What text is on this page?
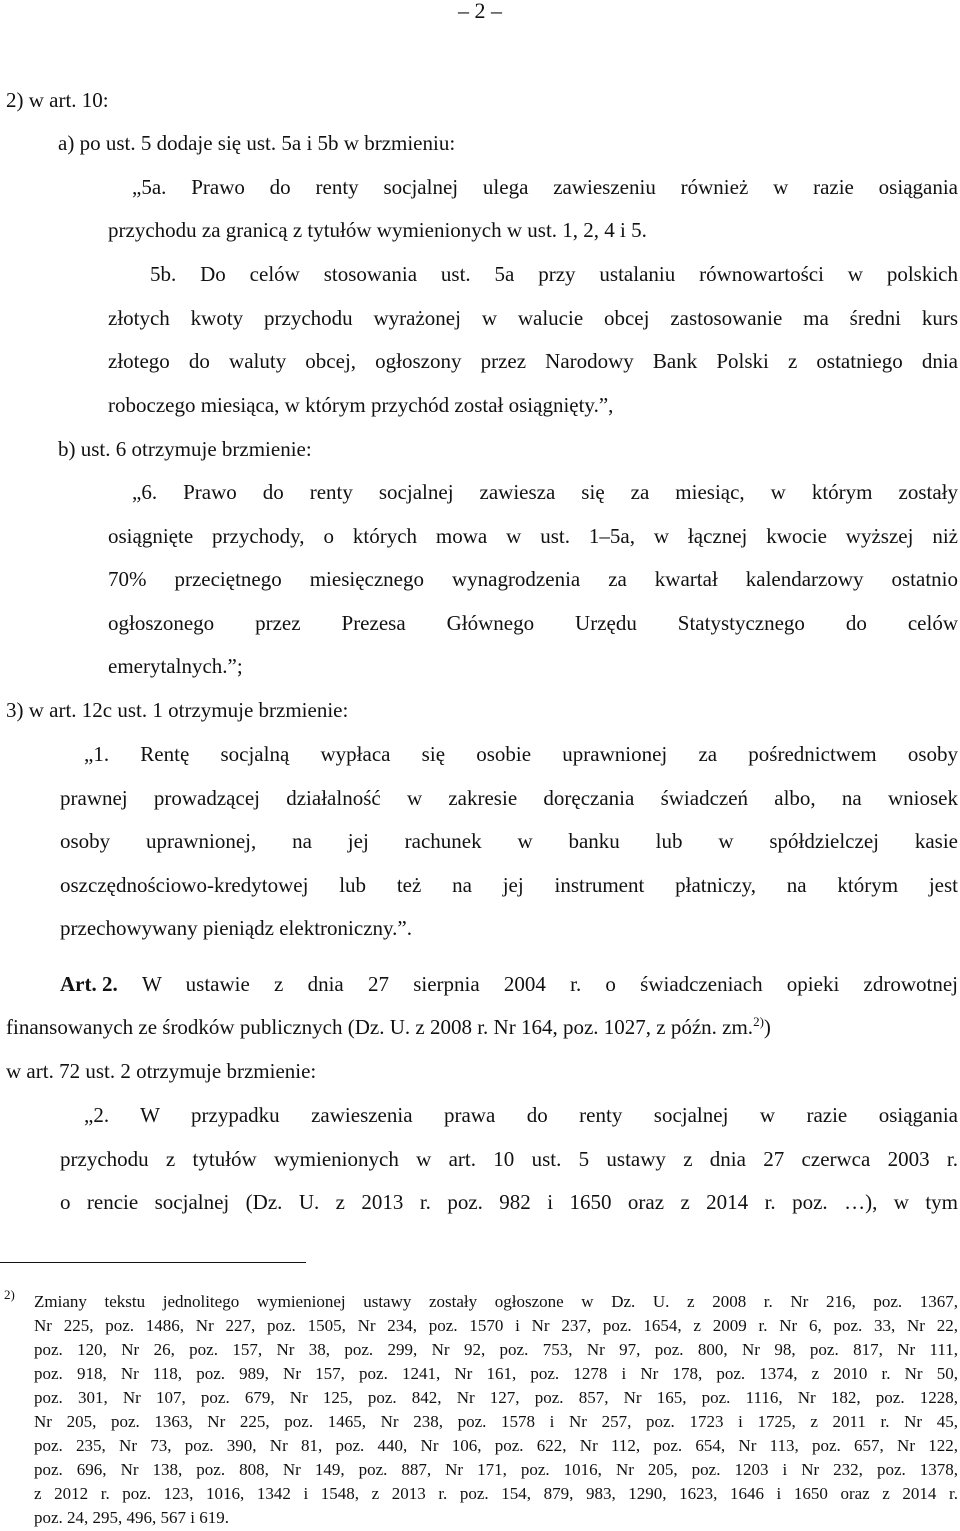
– 2 –
2) w art. 10:
a) po ust. 5 dodaje się ust. 5a i 5b w brzmieniu:
„5a. Prawo do renty socjalnej ulega zawieszeniu również w razie osiągania
przychodu za granicą z tytułów wymienionych w ust. 1, 2, 4 i 5.
5b. Do celów stosowania ust. 5a przy ustalaniu równowartości w polskich
złotych kwoty przychodu wyrażonej w walucie obcej zastosowanie ma średni kurs
złotego do waluty obcej, ogłoszony przez Narodowy Bank Polski z ostatniego dnia
roboczego miesiąca, w którym przychód został osiągnięty.”,
b) ust. 6 otrzymuje brzmienie:
„6. Prawo do renty socjalnej zawiesza się za miesiąc, w którym zostały
osiągnięte przychody, o których mowa w ust. 1–5a, w łącznej kwocie wyższej niż
70% przeciętnego miesięcznego wynagrodzenia za kwartał kalendarzowy ostatnio
ogłoszonego przez Prezesa Głównego Urzędu Statystycznego do celów
emerytalnych.”;
3) w art. 12c ust. 1 otrzymuje brzmienie:
„1. Rentę socjalną wypłaca się osobie uprawnionej za pośrednictwem osoby
prawnej prowadzącej działalność w zakresie doręczania świadczeń albo, na wniosek
osoby uprawnionej, na jej rachunek w banku lub w spółdzielczej kasie
oszczędnościowo-kredytowej lub też na jej instrument płatniczy, na którym jest
przechowywany pieniądz elektroniczny.”.
Art. 2. W ustawie z dnia 27 sierpnia 2004 r. o świadczeniach opieki zdrowotnej
finansowanych ze środków publicznych (Dz. U. z 2008 r. Nr 164, poz. 1027, z późn. zm.$^{2)}$)
w art. 72 ust. 2 otrzymuje brzmienie:
„2. W przypadku zawieszenia prawa do renty socjalnej w razie osiągania
przychodu z tytułów wymienionych w art. 10 ust. 5 ustawy z dnia 27 czerwca 2003 r.
o rencie socjalnej (Dz. U. z 2013 r. poz. 982 i 1650 oraz z 2014 r. poz. …), w tym
2) Zmiany tekstu jednolitego wymienionej ustawy zostały ogłoszone w Dz. U. z 2008 r. Nr 216, poz. 1367,
Nr 225, poz. 1486, Nr 227, poz. 1505, Nr 234, poz. 1570 i Nr 237, poz. 1654, z 2009 r. Nr 6, poz. 33, Nr 22,
poz. 120, Nr 26, poz. 157, Nr 38, poz. 299, Nr 92, poz. 753, Nr 97, poz. 800, Nr 98, poz. 817, Nr 111,
poz. 918, Nr 118, poz. 989, Nr 157, poz. 1241, Nr 161, poz. 1278 i Nr 178, poz. 1374, z 2010 r. Nr 50,
poz. 301, Nr 107, poz. 679, Nr 125, poz. 842, Nr 127, poz. 857, Nr 165, poz. 1116, Nr 182, poz. 1228,
Nr 205, poz. 1363, Nr 225, poz. 1465, Nr 238, poz. 1578 i Nr 257, poz. 1723 i 1725, z 2011 r. Nr 45,
poz. 235, Nr 73, poz. 390, Nr 81, poz. 440, Nr 106, poz. 622, Nr 112, poz. 654, Nr 113, poz. 657, Nr 122,
poz. 696, Nr 138, poz. 808, Nr 149, poz. 887, Nr 171, poz. 1016, Nr 205, poz. 1203 i Nr 232, poz. 1378,
z 2012 r. poz. 123, 1016, 1342 i 1548, z 2013 r. poz. 154, 879, 983, 1290, 1623, 1646 i 1650 oraz z 2014 r.
poz. 24, 295, 496, 567 i 619.
